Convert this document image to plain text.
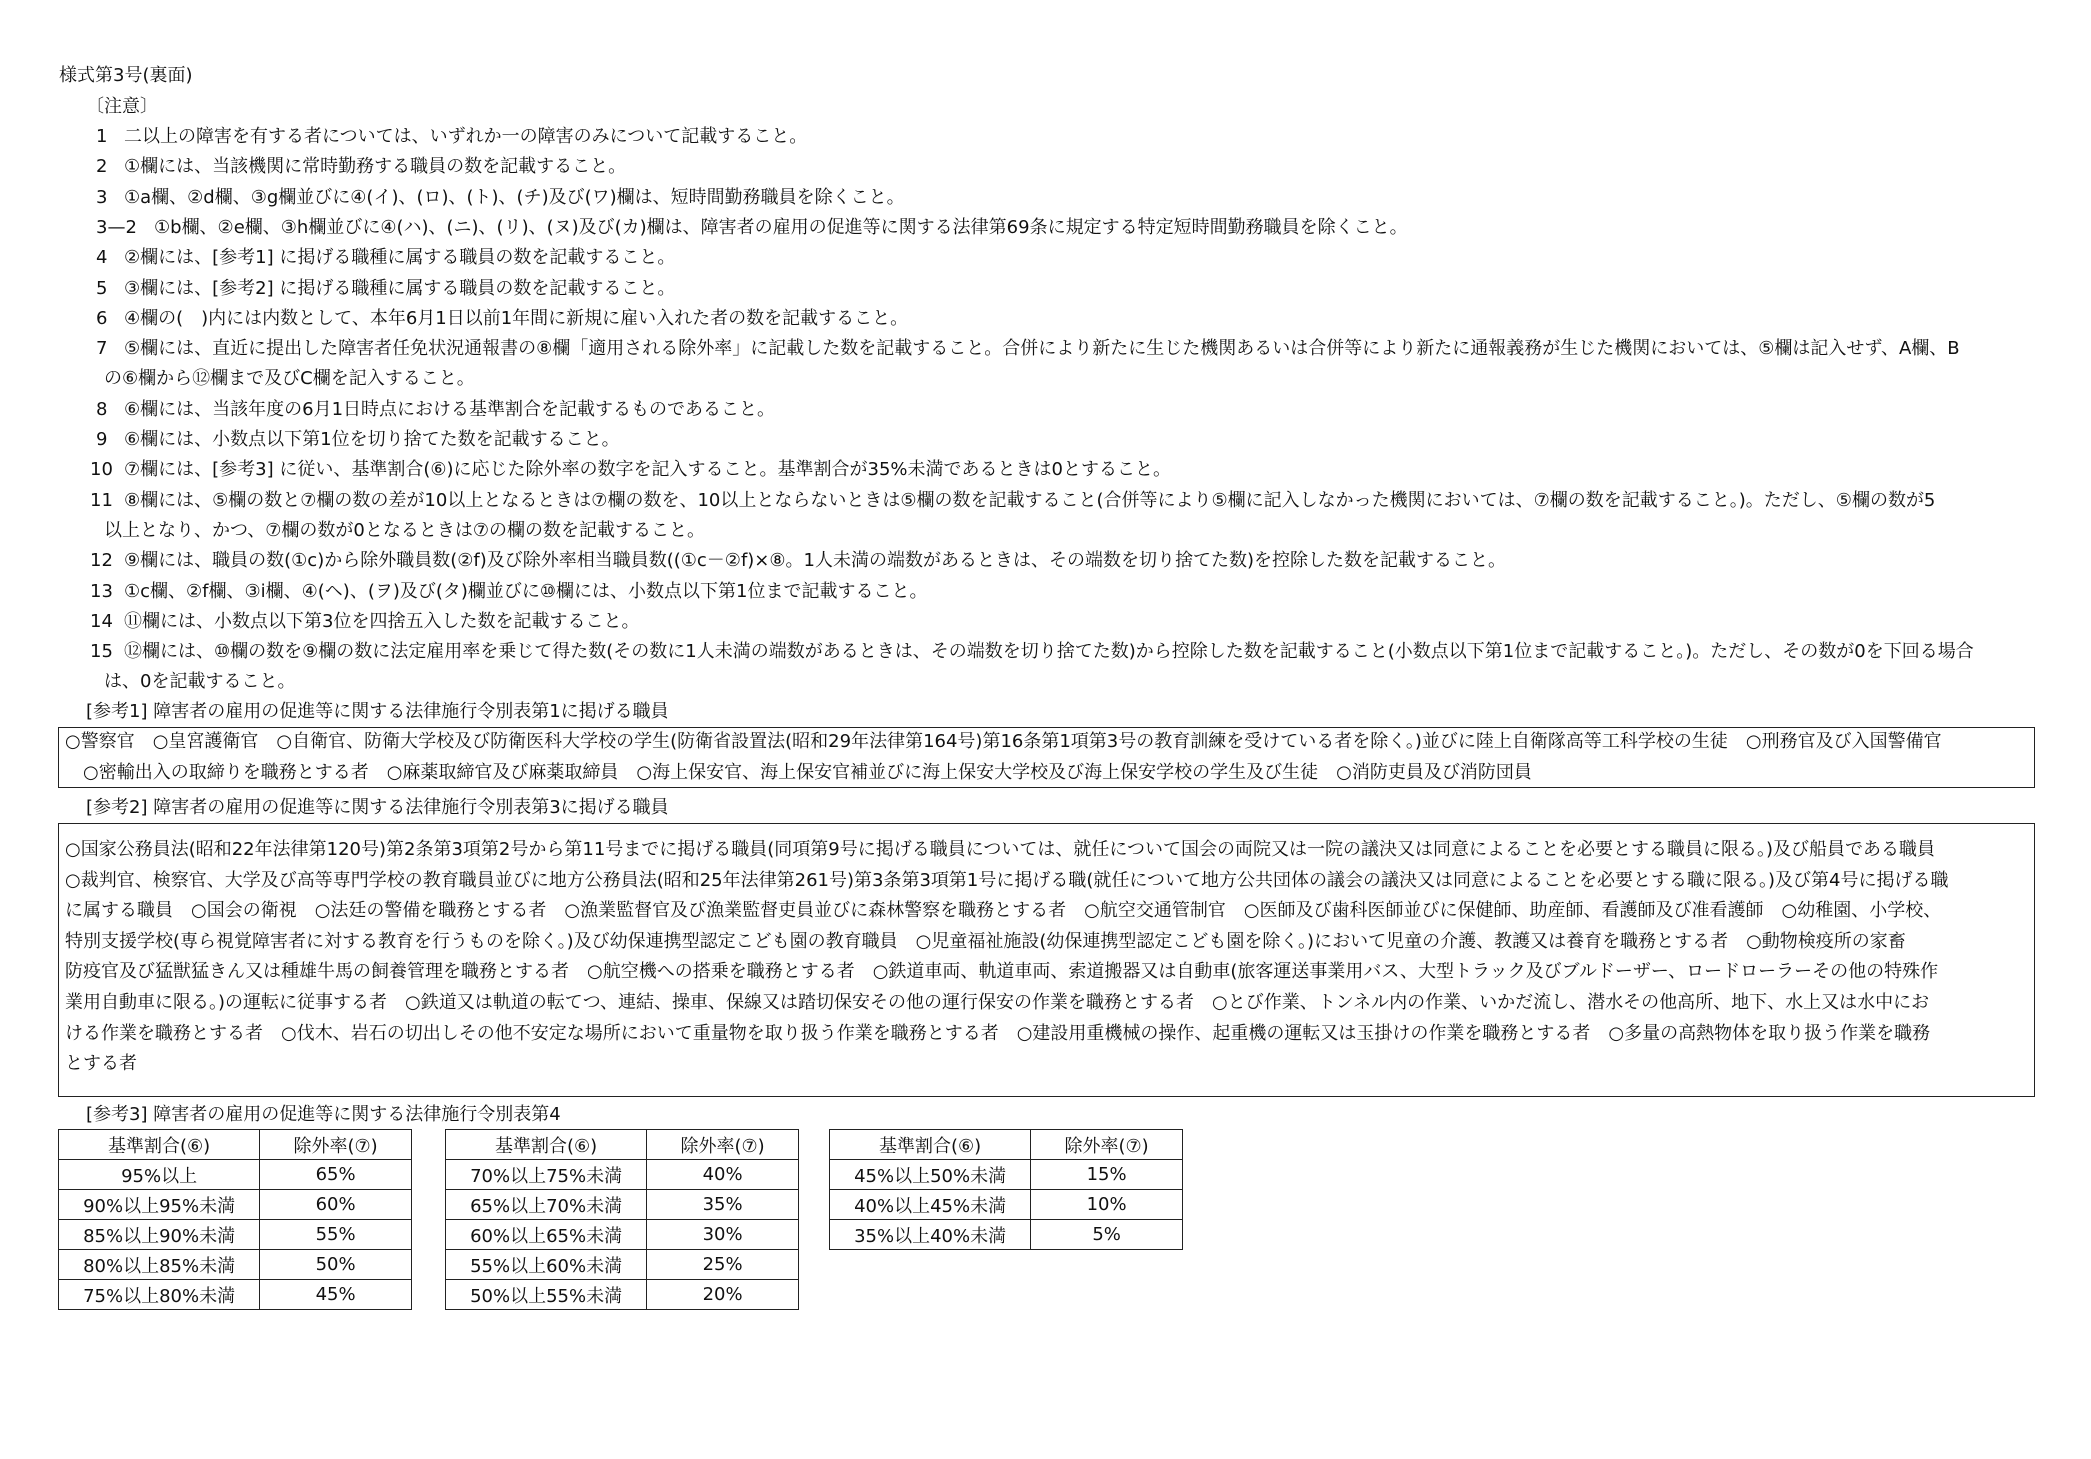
様式第3号(裏面)
〔注意〕
1 二以上の障害を有する者については、いずれか一の障害のみについて記載すること。
2 ①欄には、当該機関に常時勤務する職員の数を記載すること。
3 ①a欄、②d欄、③g欄並びに④(イ)、(ロ)、(ト)、(チ)及び(ワ)欄は、短時間勤務職員を除くこと。
3—2 ①b欄、②e欄、③h欄並びに④(ハ)、(ニ)、(リ)、(ヌ)及び(カ)欄は、障害者の雇用の促進等に関する法律第69条に規定する特定短時間勤務職員を除くこと。
4 ②欄には、[参考1] に掲げる職種に属する職員の数を記載すること。
5 ③欄には、[参考2] に掲げる職種に属する職員の数を記載すること。
6 ④欄の(　)内には内数として、本年6月1日以前1年間に新規に雇い入れた者の数を記載すること。
7 ⑤欄には、直近に提出した障害者任免状況通報書の⑧欄「適用される除外率」に記載した数を記載すること。合併により新たに生じた機関あるいは合併等により新たに通報義務が生じた機関においては、⑤欄は記入せず、A欄、B
の⑥欄から⑫欄まで及びC欄を記入すること。
8 ⑥欄には、当該年度の6月1日時点における基準割合を記載するものであること。
9 ⑥欄には、小数点以下第1位を切り捨てた数を記載すること。
10 ⑦欄には、[参考3] に従い、基準割合(⑥)に応じた除外率の数字を記入すること。基準割合が35%未満であるときは0とすること。
11 ⑧欄には、⑤欄の数と⑦欄の数の差が10以上となるときは⑦欄の数を、10以上とならないときは⑤欄の数を記載すること(合併等により⑤欄に記入しなかった機関においては、⑦欄の数を記載すること。)。ただし、⑤欄の数が5
以上となり、かつ、⑦欄の数が0となるときは⑦の欄の数を記載すること。
12 ⑨欄には、職員の数(①c)から除外職員数(②f)及び除外率相当職員数((①c－②f)×⑧。1人未満の端数があるときは、その端数を切り捨てた数)を控除した数を記載すること。
13 ①c欄、②f欄、③i欄、④(ヘ)、(ヲ)及び(タ)欄並びに⑩欄には、小数点以下第1位まで記載すること。
14 ⑪欄には、小数点以下第3位を四捨五入した数を記載すること。
15 ⑫欄には、⑩欄の数を⑨欄の数に法定雇用率を乗じて得た数(その数に1人未満の端数があるときは、その端数を切り捨てた数)から控除した数を記載すること(小数点以下第1位まで記載すること。)。ただし、その数が0を下回る場合
は、0を記載すること。
[参考1] 障害者の雇用の促進等に関する法律施行令別表第1に掲げる職員
○警察官　○皇宮護衛官　○自衛官、防衛大学校及び防衛医科大学校の学生(防衛省設置法(昭和29年法律第164号)第16条第1項第3号の教育訓練を受けている者を除く。)並びに陸上自衛隊高等工科学校の生徒　○刑務官及び入国警備官
　○密輸出入の取締りを職務とする者　○麻薬取締官及び麻薬取締員　○海上保安官、海上保安官補並びに海上保安大学校及び海上保安学校の学生及び生徒　○消防吏員及び消防団員
[参考2] 障害者の雇用の促進等に関する法律施行令別表第3に掲げる職員
○国家公務員法(昭和22年法律第120号)第2条第3項第2号から第11号までに掲げる職員(同項第9号に掲げる職員については、就任について国会の両院又は一院の議決又は同意によることを必要とする職員に限る。)及び船員である職員
○裁判官、検察官、大学及び高等専門学校の教育職員並びに地方公務員法(昭和25年法律第261号)第3条第3項第1号に掲げる職(就任について地方公共団体の議会の議決又は同意によることを必要とする職に限る。)及び第4号に掲げる職
に属する職員　○国会の衛視　○法廷の警備を職務とする者　○漁業監督官及び漁業監督吏員並びに森林警察を職務とする者　○航空交通管制官　○医師及び歯科医師並びに保健師、助産師、看護師及び准看護師　○幼稚園、小学校、
特別支援学校(専ら視覚障害者に対する教育を行うものを除く。)及び幼保連携型認定こども園の教育職員　○児童福祉施設(幼保連携型認定こども園を除く。)において児童の介護、教護又は養育を職務とする者　○動物検疫所の家畜
防疫官及び猛獣猛きん又は種雄牛馬の飼養管理を職務とする者　○航空機への搭乗を職務とする者　○鉄道車両、軌道車両、索道搬器又は自動車(旅客運送事業用バス、大型トラック及びブルドーザー、ロードローラーその他の特殊作
業用自動車に限る。)の運転に従事する者　○鉄道又は軌道の転てつ、連結、操車、保線又は踏切保安その他の運行保安の作業を職務とする者　○とび作業、トンネル内の作業、いかだ流し、潜水その他高所、地下、水上又は水中にお
ける作業を職務とする者　○伐木、岩石の切出しその他不安定な場所において重量物を取り扱う作業を職務とする者　○建設用重機械の操作、起重機の運転又は玉掛けの作業を職務とする者　○多量の高熱物体を取り扱う作業を職務
とする者
[参考3] 障害者の雇用の促進等に関する法律施行令別表第4
基準割合(⑥)	除外率(⑦)
95%以上	65%
90%以上95%未満	60%
85%以上90%未満	55%
80%以上85%未満	50%
75%以上80%未満	45%
基準割合(⑥)	除外率(⑦)
70%以上75%未満	40%
65%以上70%未満	35%
60%以上65%未満	30%
55%以上60%未満	25%
50%以上55%未満	20%
基準割合(⑥)	除外率(⑦)
45%以上50%未満	15%
40%以上45%未満	10%
35%以上40%未満	5%
